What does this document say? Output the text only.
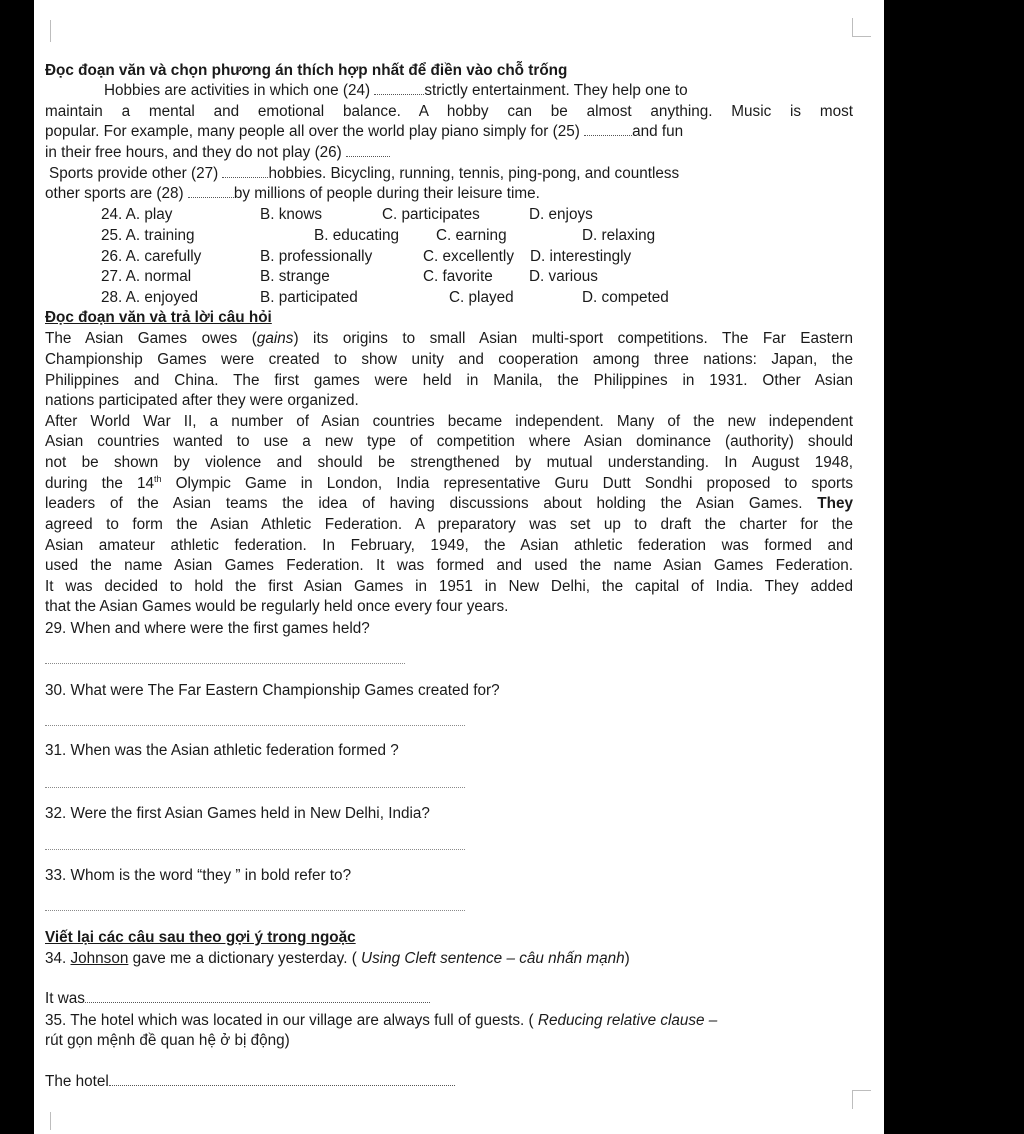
Đọc đoạn văn và chọn phương án thích hợp nhất để điền vào chỗ trống
Hobbies are activities in which one (24)	strictly entertainment. They help one to
maintain a mental and emotional balance. A hobby can be almost anything. Music is most
popular. For example, many people all over the world play piano simply for (25)	and fun
in their free hours, and they do not play (26)
Sports provide other (27)	hobbies. Bicycling, running, tennis, ping-pong, and countless
other sports are (28)	by millions of people during their leisure time.
24. A. play	B. knows	C. participates	D. enjoys
25. A. training	B. educating C. earning	D. relaxing
26. A. carefully	B. professionally	C. excellently D. interestingly
27. A. normal	B. strange	C. favorite D. various
28. A. enjoyed	B. participated	C. played	D. competed
Đọc đoạn văn và trả lời câu hỏi
The Asian Games owes (gains) its origins to small Asian multi-sport competitions. The Far Eastern
Championship Games were created to show unity and cooperation among three nations: Japan, the
Philippines and China. The first games were held in Manila, the Philippines in 1931. Other Asian
nations participated after they were organized.
After World War II, a number of Asian countries became independent. Many of the new independent
Asian countries wanted to use a new type of competition where Asian dominance (authority) should
not be shown by violence and should be strengthened by mutual understanding. In August 1948,
during the 14th Olympic Game in London, India representative Guru Dutt Sondhi proposed to sports
leaders of the Asian teams the idea of having discussions about holding the Asian Games. They
agreed to form the Asian Athletic Federation. A preparatory was set up to draft the charter for the
Asian amateur athletic federation. In February, 1949, the Asian athletic federation was formed and
used the name Asian Games Federation. It was formed and used the name Asian Games Federation.
It was decided to hold the first Asian Games in 1951 in New Delhi, the capital of India. They added
that the Asian Games would be regularly held once every four years.
29. When and where were the first games held?
30. What were The Far Eastern Championship Games created for?
31. When was the Asian athletic federation formed ?
32. Were the first Asian Games held in New Delhi, India?
33. Whom is the word “they ” in bold refer to?
Viết lại các câu sau theo gợi ý trong ngoặc
34. Johnson gave me a dictionary yesterday. ( Using Cleft sentence – câu nhấn mạnh)
It was
35. The hotel which was located in our village are always full of guests. ( Reducing relative clause –
rút gọn mệnh đề quan hệ ở bị động)
The hotel
